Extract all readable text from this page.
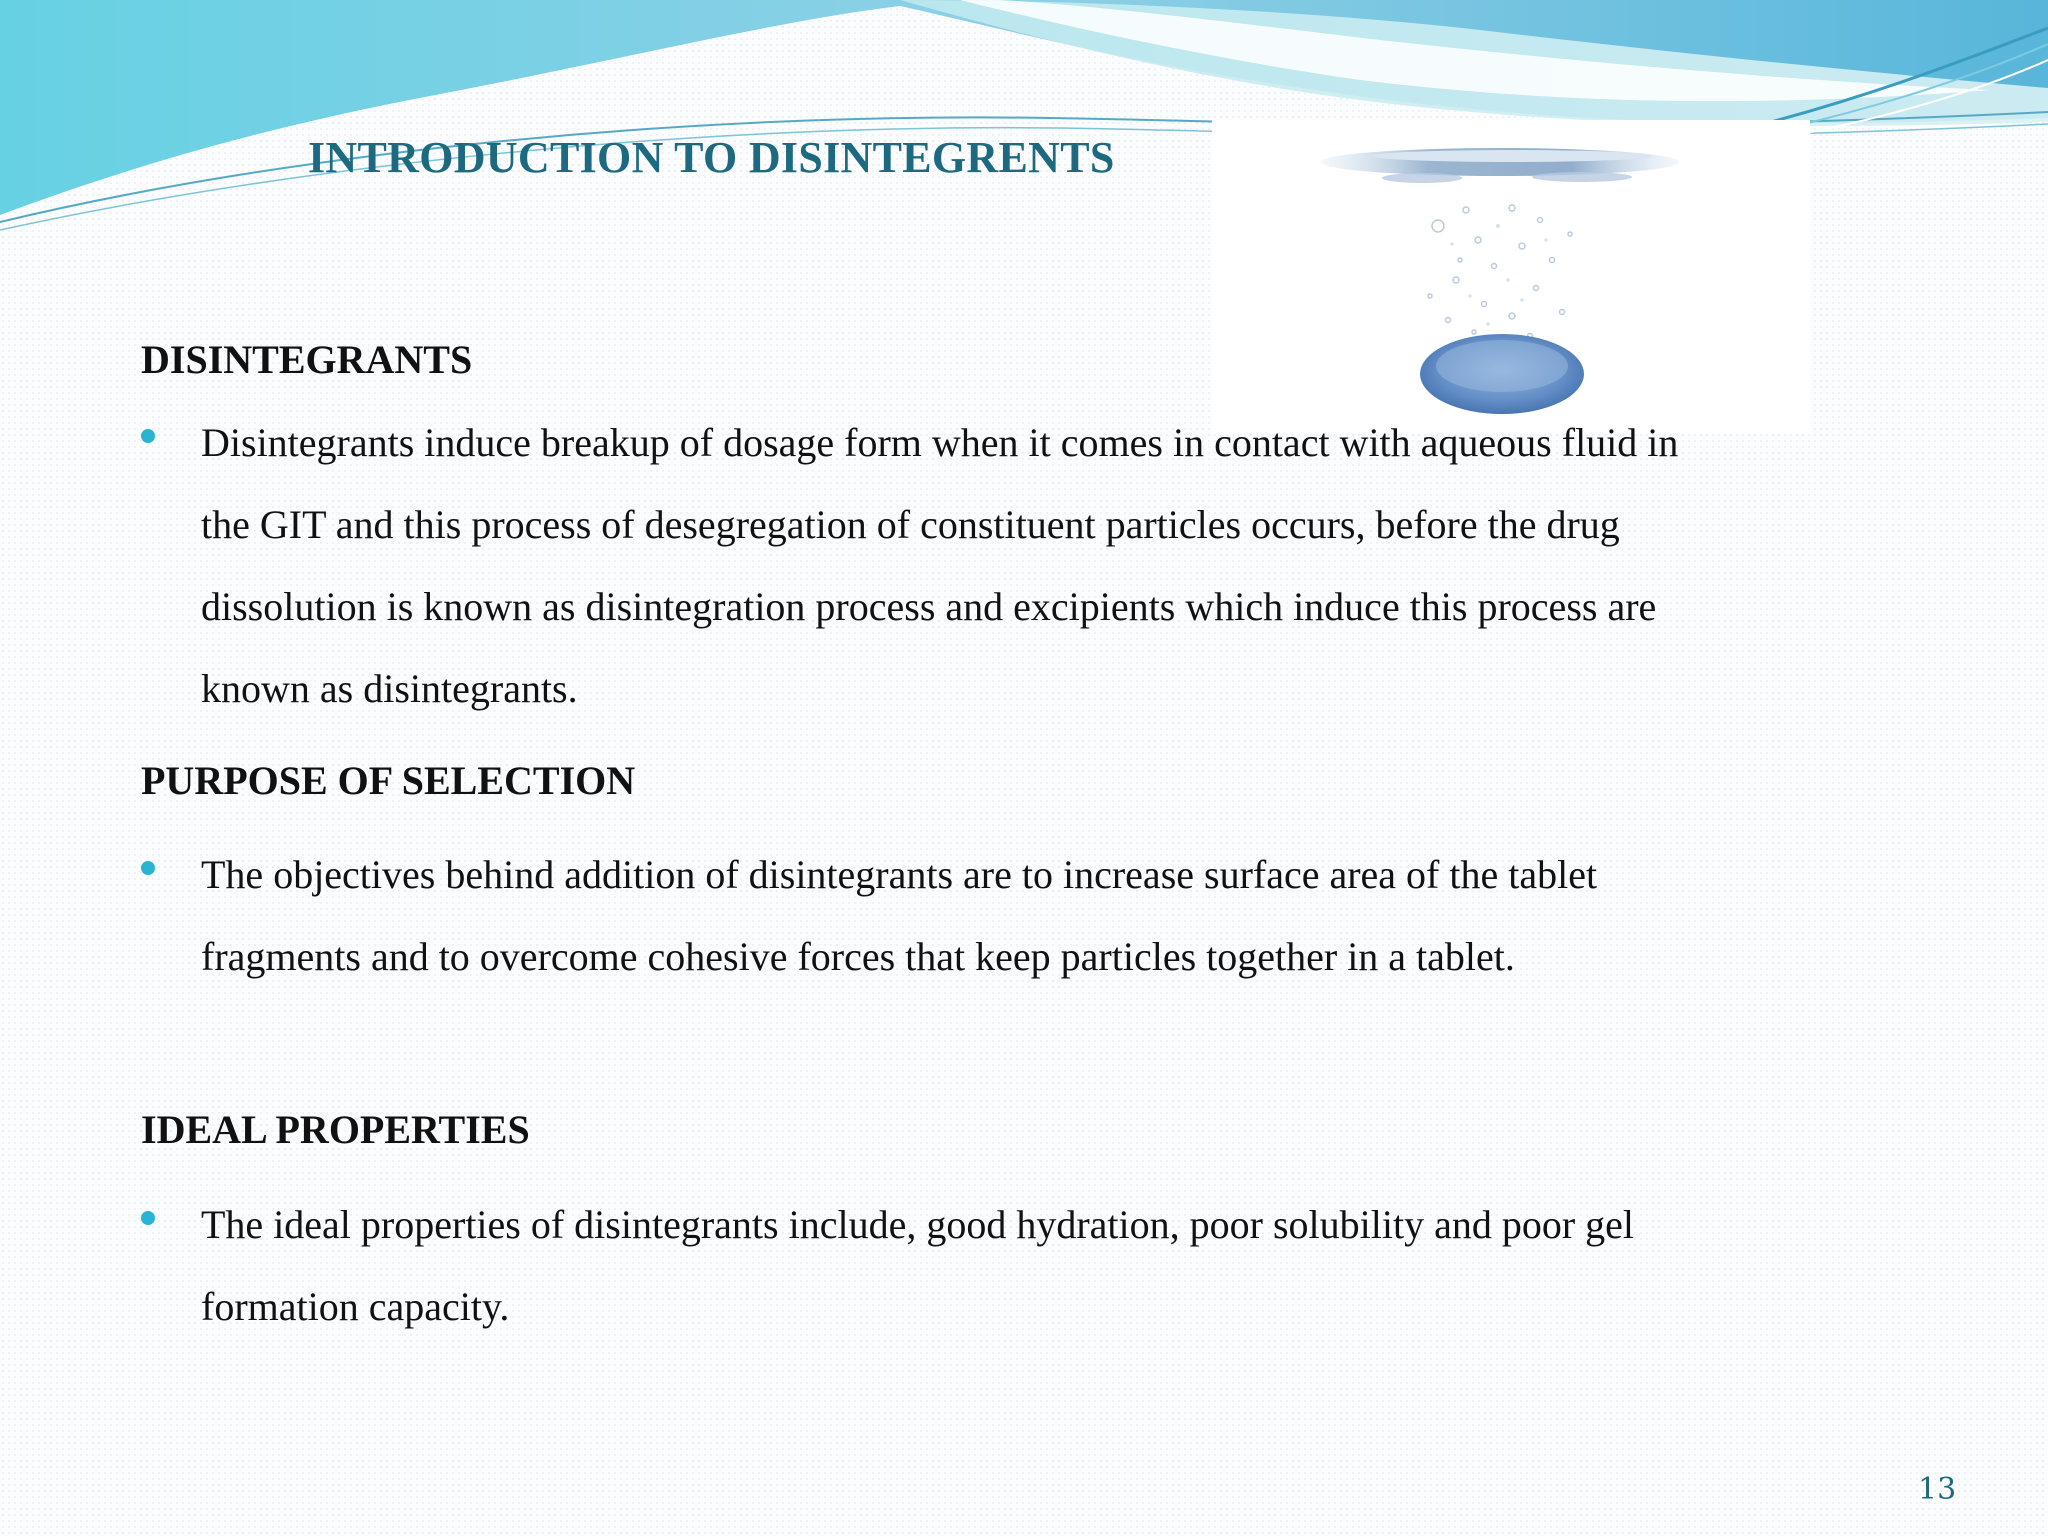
INTRODUCTION TO DISINTEGRENTS
DISINTEGRANTS

Disintegrants induce breakup of dosage form when it comes in contact with aqueous fluid in the GIT and this process of desegregation of constituent particles occurs, before the drug dissolution is known as disintegration process and excipients which induce this process are known as disintegrants.

PURPOSE OF SELECTION

The objectives behind addition of disintegrants are to increase surface area of the tablet fragments and to overcome cohesive forces that keep particles together in a tablet.

IDEAL PROPERTIES

The ideal properties of disintegrants include, good hydration, poor solubility and poor gel formation capacity.

13
